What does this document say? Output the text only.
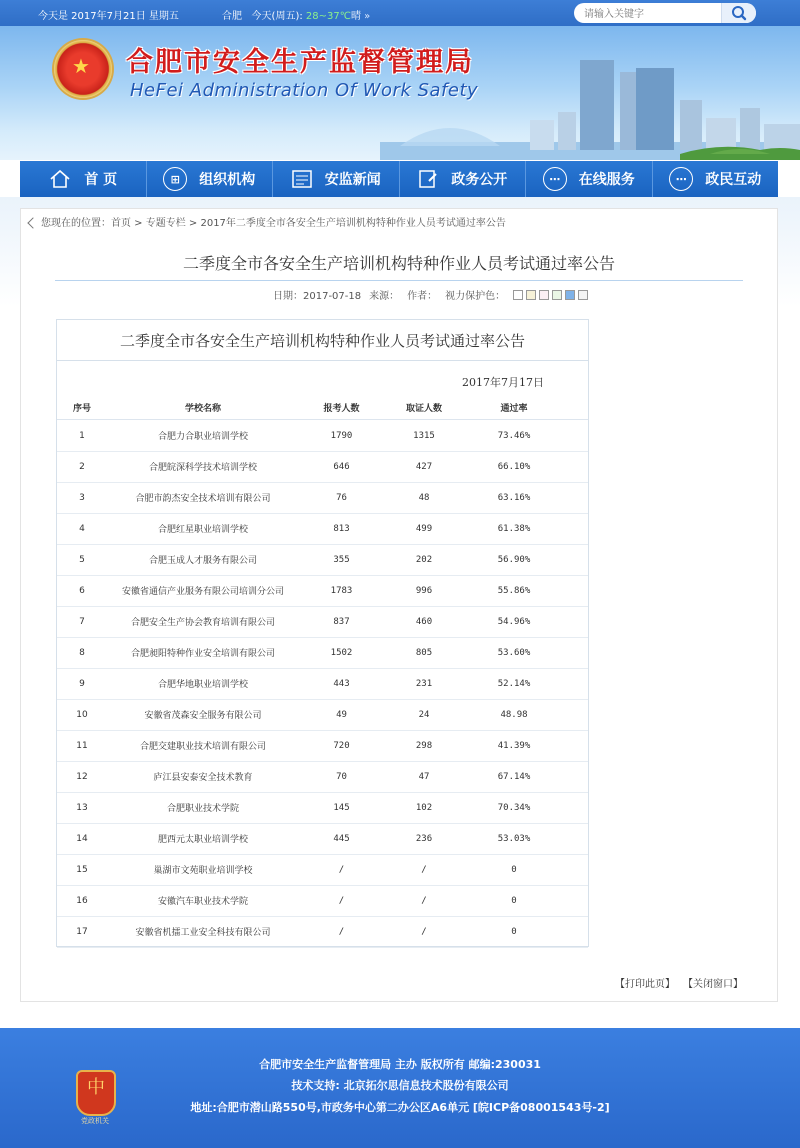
今天是 2017年7月21日 星期五	合肥 今天(周五): 28~37℃晴 »
请输入关键字
★ 合肥市安全生产监督管理局
HeFei Administration Of Work Safety
首 页	⊞	组织机构	安监新闻	政务公开	⋯	在线服务	⋯	政民互动
您现在的位置：首页 > 专题专栏 > 2017年二季度全市各安全生产培训机构特种作业人员考试通过率公告
二季度全市各安全生产培训机构特种作业人员考试通过率公告
日期：2017-07-18 来源： 作者： 视力保护色：
二季度全市各安全生产培训机构特种作业人员考试通过率公告
2017年7月17日
序号	学校名称	报考人数	取证人数	通过率
1	合肥力合职业培训学校	1790	1315	73.46%
2	合肥皖深科学技术培训学校	646	427	66.10%
3	合肥市韵杰安全技术培训有限公司	76	48	63.16%
4	合肥红星职业培训学校	813	499	61.38%
5	合肥玉成人才服务有限公司	355	202	56.90%
6	安徽省通信产业服务有限公司培训分公司	1783	996	55.86%
7	合肥安全生产协会教育培训有限公司	837	460	54.96%
8	合肥昶阳特种作业安全培训有限公司	1502	805	53.60%
9	合肥华地职业培训学校	443	231	52.14%
10	安徽省茂森安全服务有限公司	49	24	48.98
11	合肥交建职业技术培训有限公司	720	298	41.39%
12	庐江县安泰安全技术教育	70	47	67.14%
13	合肥职业技术学院	145	102	70.34%
14	肥西元太职业培训学校	445	236	53.03%
15	巢湖市文苑职业培训学校	/	/	0
16	安徽汽车职业技术学院	/	/	0
17	安徽省机擂工业安全科技有限公司	/	/	0
【打印此页】 【关闭窗口】
中
党政机关
合肥市安全生产监督管理局 主办 版权所有 邮编:230031
技术支持: 北京拓尔思信息技术股份有限公司
地址:合肥市潜山路550号,市政务中心第二办公区A6单元 [皖ICP备08001543号-2]
